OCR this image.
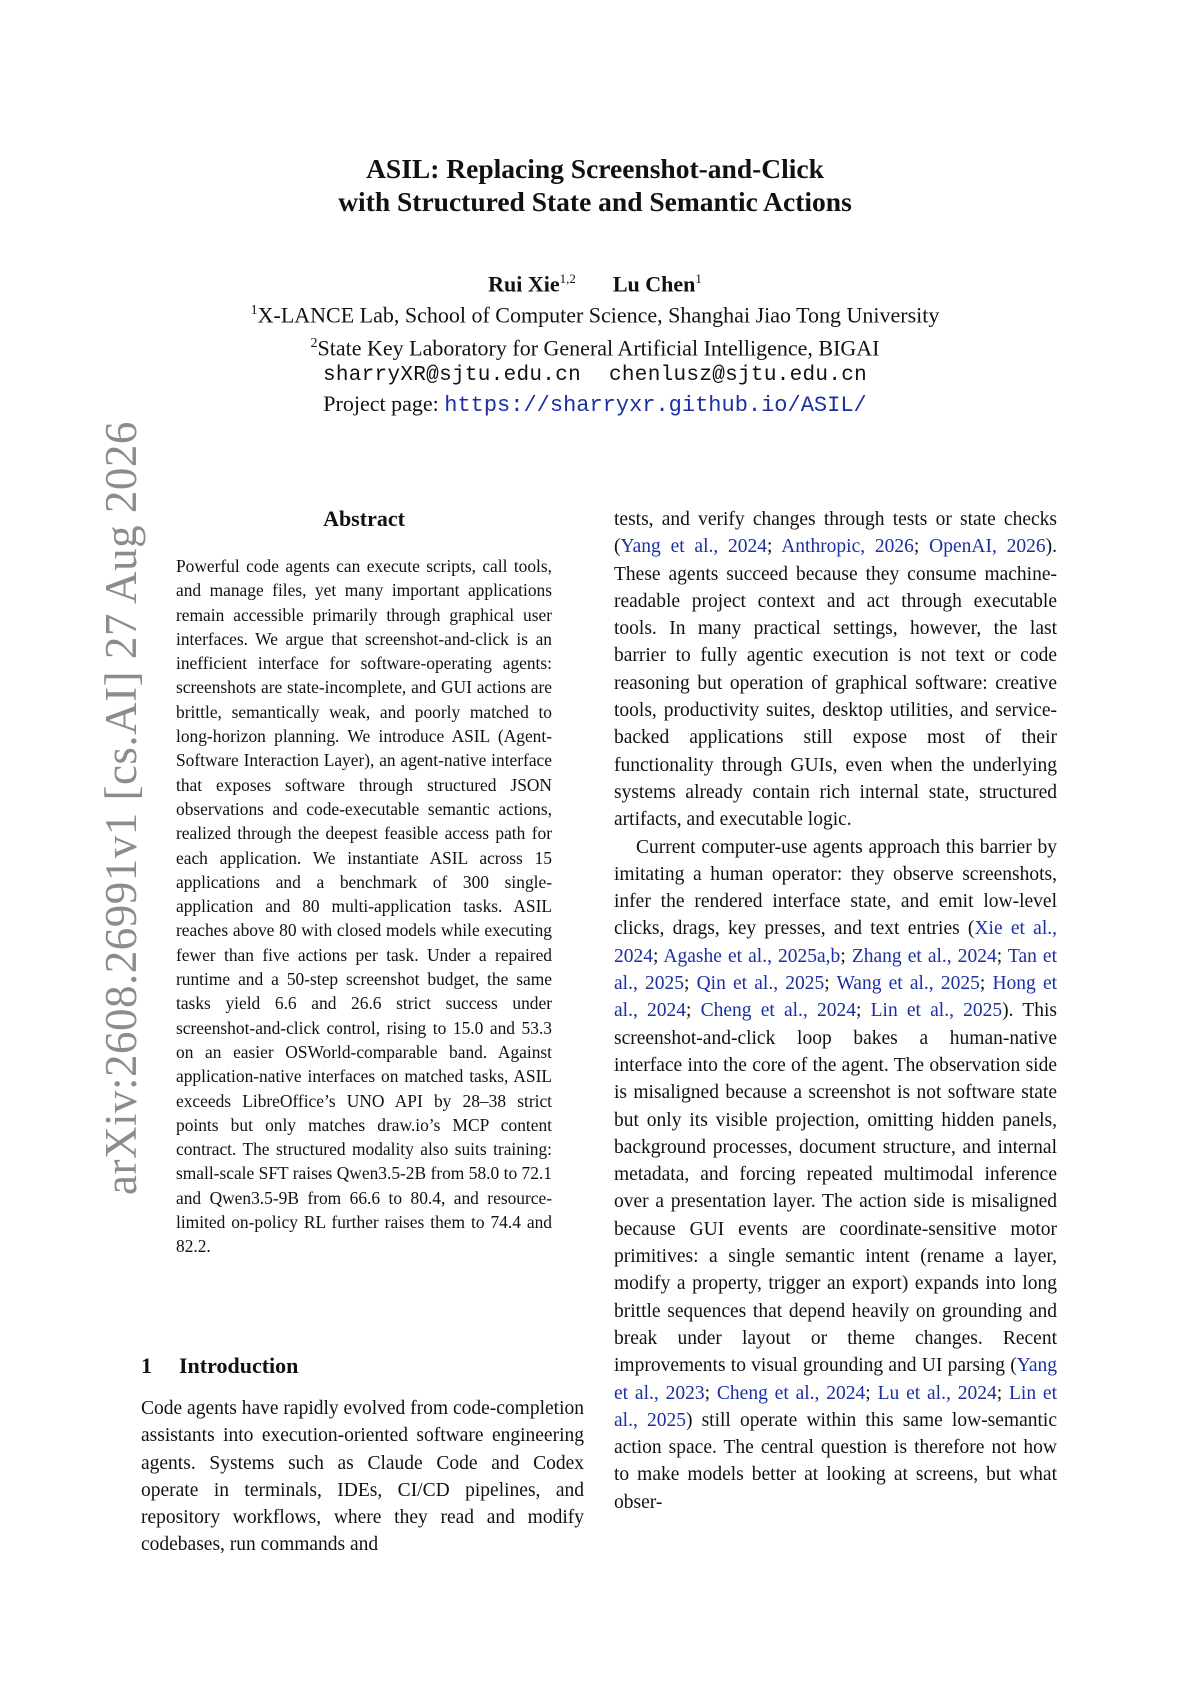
arXiv:2608.26991v1 [cs.AI] 27 Aug 2026
ASIL: Replacing Screenshot-and-Click
with Structured State and Semantic Actions
Rui Xie$^{1,2}$ Lu Chen$^1$
$^1$X-LANCE Lab, School of Computer Science, Shanghai Jiao Tong University
$^2$State Key Laboratory for General Artificial Intelligence, BIGAI
sharryXR@sjtu.edu.cn chenlusz@sjtu.edu.cn
Project page: https://sharryxr.github.io/ASIL/
Abstract
Powerful code agents can execute scripts, call tools, and manage files, yet many important applications remain accessible primarily through graphical user interfaces. We argue that screenshot-and-click is an inefficient interface for software-operating agents: screenshots are state-incomplete, and GUI actions are brittle, semantically weak, and poorly matched to long-horizon planning. We introduce ASIL (Agent-Software Interaction Layer), an agent-native interface that exposes software through structured JSON observations and code-executable semantic actions, realized through the deepest feasible access path for each application. We instantiate ASIL across 15 applications and a benchmark of 300 single-application and 80 multi-application tasks. ASIL reaches above 80 with closed models while executing fewer than five actions per task. Under a repaired runtime and a 50-step screenshot budget, the same tasks yield 6.6 and 26.6 strict success under screenshot-and-click control, rising to 15.0 and 53.3 on an easier OSWorld-comparable band. Against application-native interfaces on matched tasks, ASIL exceeds LibreOffice’s UNO API by 28–38 strict points but only matches draw.io’s MCP content contract. The structured modality also suits training: small-scale SFT raises Qwen3.5-2B from 58.0 to 72.1 and Qwen3.5-9B from 66.6 to 80.4, and resource-limited on-policy RL further raises them to 74.4 and 82.2.
1 Introduction
Code agents have rapidly evolved from code-completion assistants into execution-oriented software engineering agents. Systems such as Claude Code and Codex operate in terminals, IDEs, CI/CD pipelines, and repository workflows, where they read and modify codebases, run commands and

tests, and verify changes through tests or state checks (Yang et al., 2024; Anthropic, 2026; OpenAI, 2026). These agents succeed because they consume machine-readable project context and act through executable tools. In many practical settings, however, the last barrier to fully agentic execution is not text or code reasoning but operation of graphical software: creative tools, productivity suites, desktop utilities, and service-backed applications still expose most of their functionality through GUIs, even when the underlying systems already contain rich internal state, structured artifacts, and executable logic.

Current computer-use agents approach this barrier by imitating a human operator: they observe screenshots, infer the rendered interface state, and emit low-level clicks, drags, key presses, and text entries (Xie et al., 2024; Agashe et al., 2025a,b; Zhang et al., 2024; Tan et al., 2025; Qin et al., 2025; Wang et al., 2025; Hong et al., 2024; Cheng et al., 2024; Lin et al., 2025). This screenshot-and-click loop bakes a human-native interface into the core of the agent. The observation side is misaligned because a screenshot is not software state but only its visible projection, omitting hidden panels, background processes, document structure, and internal metadata, and forcing repeated multimodal inference over a presentation layer. The action side is misaligned because GUI events are coordinate-sensitive motor primitives: a single semantic intent (rename a layer, modify a property, trigger an export) expands into long brittle sequences that depend heavily on grounding and break under layout or theme changes. Recent improvements to visual grounding and UI parsing (Yang et al., 2023; Cheng et al., 2024; Lu et al., 2024; Lin et al., 2025) still operate within this same low-semantic action space. The central question is therefore not how to make models better at looking at screens, but what obser-
